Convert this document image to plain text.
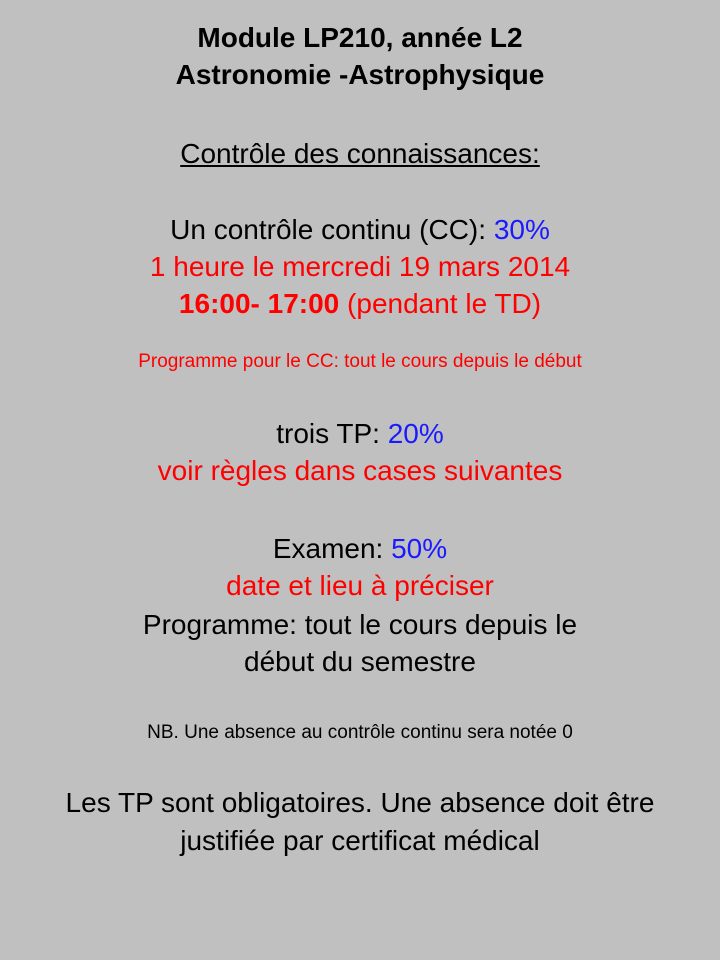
Module LP210, année L2
Astronomie -Astrophysique
Contrôle des connaissances:
Un contrôle continu (CC): 30%
1 heure le mercredi 19 mars 2014
16:00- 17:00 (pendant le TD)
Programme pour le CC: tout le cours depuis le début
trois TP: 20%
voir règles dans cases suivantes
Examen: 50%
date et lieu à préciser
Programme: tout le cours depuis le
début du semestre
NB. Une absence au contrôle continu sera notée 0
Les TP sont obligatoires. Une absence doit être
justifiée par certificat médical
